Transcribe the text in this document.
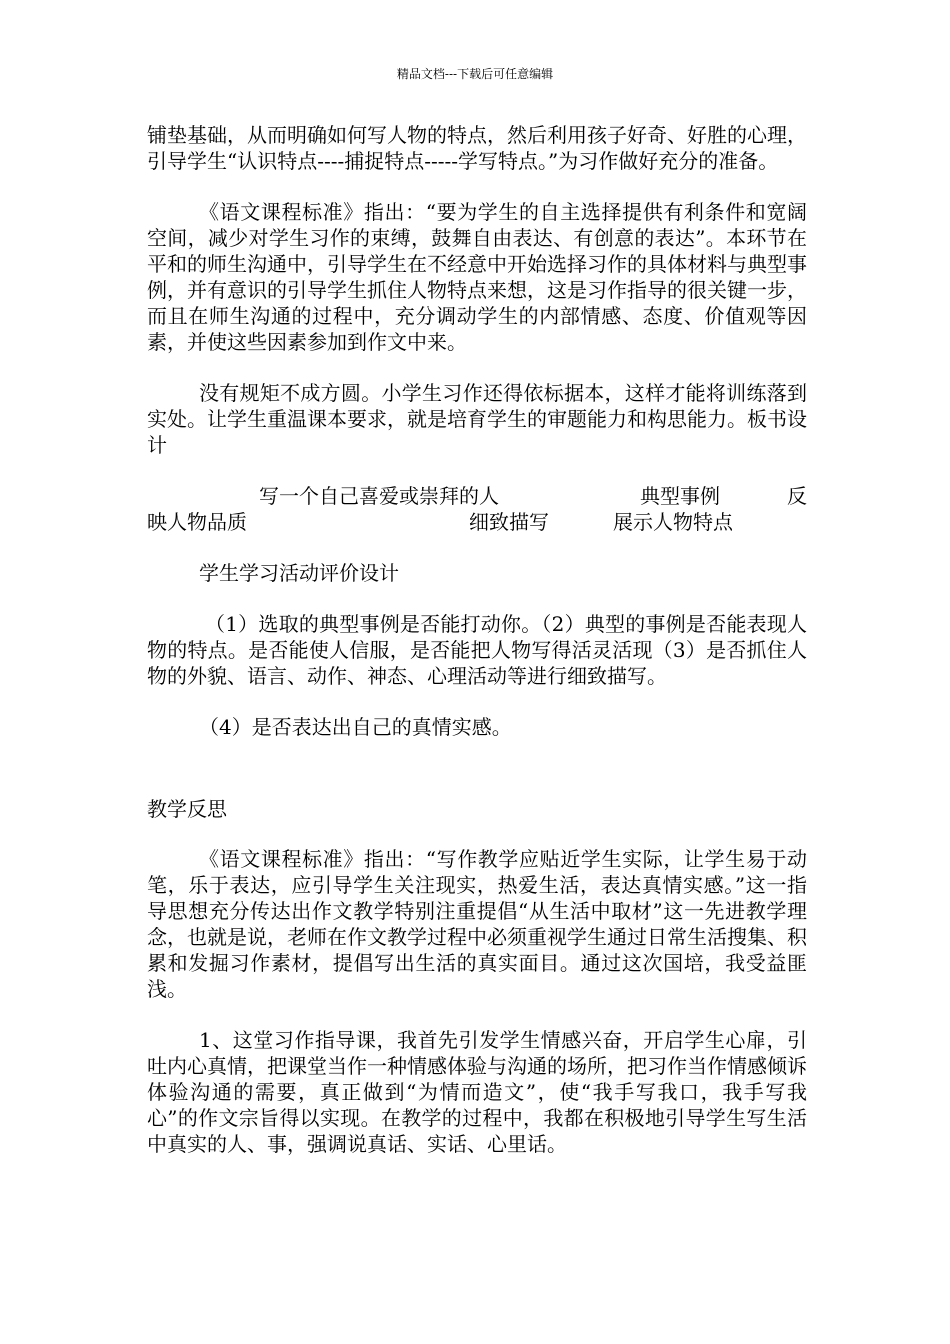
精品文档---下载后可任意编辑

铺垫基础，从而明确如何写人物的特点，然后利用孩子好奇、好胜的心理，引导学生“认识特点----捕捉特点-----学写特点。”为习作做好充分的准备。

《语文课程标准》指出：“要为学生的自主选择提供有利条件和宽阔空间，减少对学生习作的束缚，鼓舞自由表达、有创意的表达”。本环节在平和的师生沟通中，引导学生在不经意中开始选择习作的具体材料与典型事例，并有意识的引导学生抓住人物特点来想，这是习作指导的很关键一步，而且在师生沟通的过程中，充分调动学生的内部情感、态度、价值观等因素，并使这些因素参加到作文中来。

没有规矩不成方圆。小学生习作还得依标据本，这样才能将训练落到实处。让学生重温课本要求，就是培育学生的审题能力和构思能力。板书设计

写一个自己喜爱或崇拜的人	典型事例	反
映人物品质	细致描写	展示人物特点

学生学习活动评价设计

（1）选取的典型事例是否能打动你。（2）典型的事例是否能表现人物的特点。是否能使人信服，是否能把人物写得活灵活现（3）是否抓住人物的外貌、语言、动作、神态、心理活动等进行细致描写。

（4）是否表达出自己的真情实感。

教学反思

《语文课程标准》指出：“写作教学应贴近学生实际，让学生易于动笔，乐于表达，应引导学生关注现实，热爱生活，表达真情实感。”这一指导思想充分传达出作文教学特别注重提倡“从生活中取材”这一先进教学理念，也就是说，老师在作文教学过程中必须重视学生通过日常生活搜集、积累和发掘习作素材，提倡写出生活的真实面目。通过这次国培，我受益匪浅。

1、这堂习作指导课，我首先引发学生情感兴奋，开启学生心扉，引吐内心真情，把课堂当作一种情感体验与沟通的场所，把习作当作情感倾诉体验沟通的需要，真正做到“为情而造文”，使“我手写我口，我手写我心”的作文宗旨得以实现。在教学的过程中，我都在积极地引导学生写生活中真实的人、事，强调说真话、实话、心里话。
